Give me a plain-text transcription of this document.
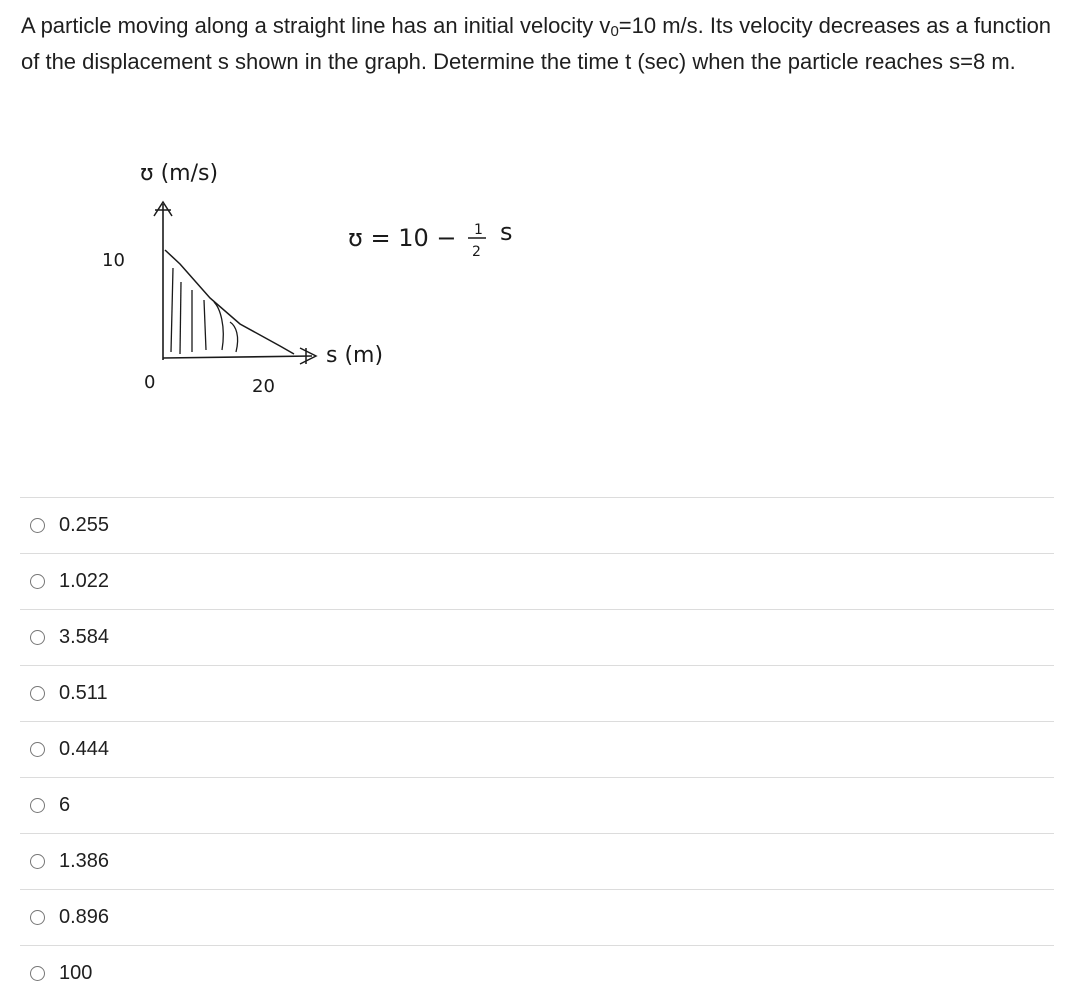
A particle moving along a straight line has an initial velocity $v_0=10$ m/s. Its velocity decreases as a function of the displacement s shown in the graph. Determine the time t (sec) when the particle reaches s=8 m.
ʊ (m/s)
10
0	20
s (m)
ʊ = 10 − 1
2
s
0.255
1.022
3.584
0.511
0.444
6
1.386
0.896
100
